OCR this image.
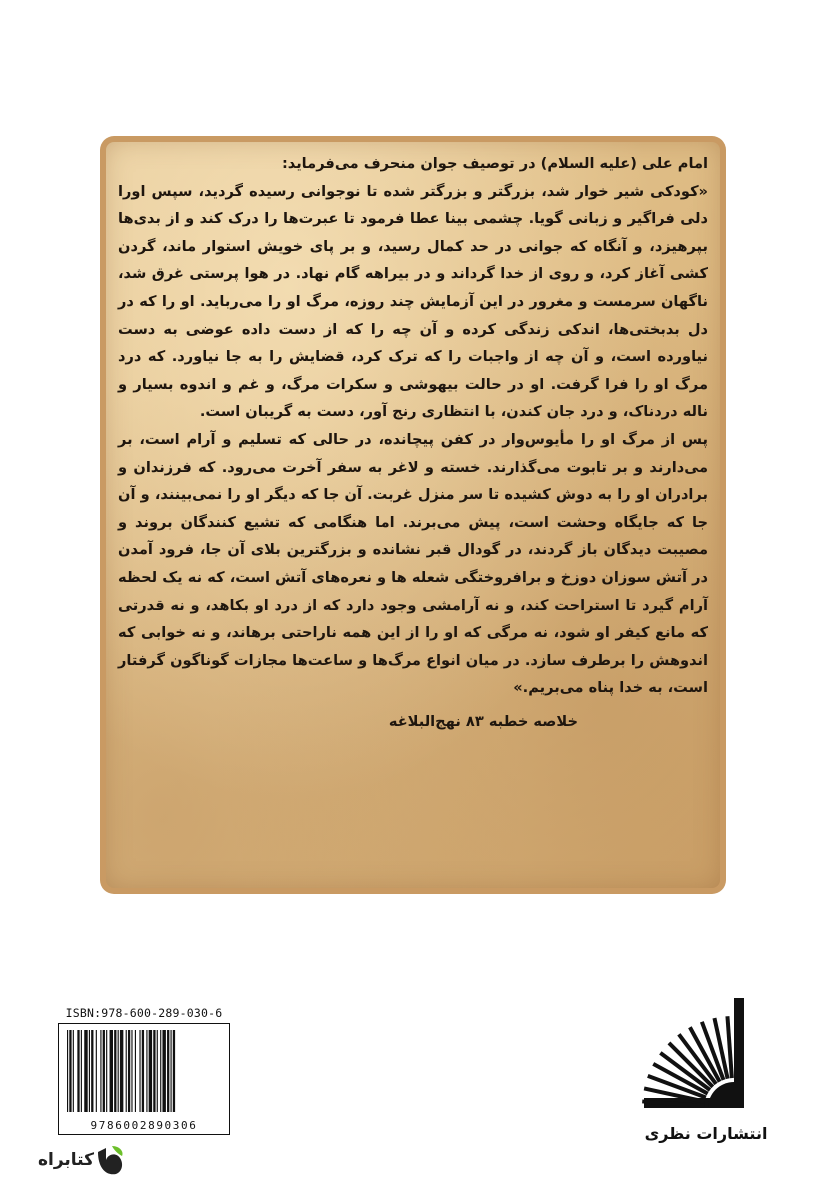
امام علی (علیه السلام) در توصیف جوان منحرف می‌فرماید:

«کودکی شیر خوار شد، بزرگتر و بزرگتر شده تا نوجوانی رسیده گردید، سپس اورا دلی فراگیر و زبانی گویا. چشمی بینا عطا فرمود تا عبرت‌ها را درک کند و از بدی‌ها بپرهیزد، و آنگاه که جوانی در حد کمال رسید، و بر پای خویش استوار ماند، گردن کشی آغاز کرد، و روی از خدا گرداند و در بیراهه گام نهاد. در هوا پرستی غرق شد، ناگهان سرمست و مغرور در این آزمایش چند روزه، مرگ او را می‌رباید. او را که در دل بدبختی‌ها، اندکی زندگی کرده و آن چه را که از دست داده عوضی به دست نیاورده است، و آن چه از واجبات را که ترک کرد، قضایش را به جا نیاورد. که درد مرگ او را فرا گرفت. او در حالت بیهوشی و سکرات مرگ، و غم و اندوه بسیار و ناله دردناک، و درد جان کندن، با انتظاری رنج آور، دست به گریبان است.

پس از مرگ او را مأیوس‌وار در کفن پیچانده، در حالی که تسلیم و آرام است، بر می‌دارند و بر تابوت می‌گذارند. خسته و لاغر به سفر آخرت می‌رود. که فرزندان و برادران او را به دوش کشیده تا سر منزل غربت. آن جا که دیگر او را نمی‌بینند، و آن جا که جایگاه وحشت است، پیش می‌برند. اما هنگامی که تشیع کنندگان بروند و مصیبت دیدگان باز گردند، در گودال قبر نشانده و بزرگترین بلای آن جا، فرود آمدن در آتش سوزان دوزخ و برافروختگی شعله ها و نعره‌های آتش است، که نه یک لحظه آرام گیرد تا استراحت کند، و نه آرامشی وجود دارد که از درد او بکاهد، و نه قدرتی که مانع کیفر او شود، نه مرگی که او را از این همه ناراحتی برهاند، و نه خوابی که اندوهش را برطرف سازد. در میان انواع مرگ‌ها و ساعت‌ها مجازات گوناگون گرفتار است، به خدا پناه می‌بریم.»

خلاصه خطبه ۸۳ نهج‌البلاغه
ISBN:978-600-289-030-6
9786002890306	انتشارات نظری
کتابراه
